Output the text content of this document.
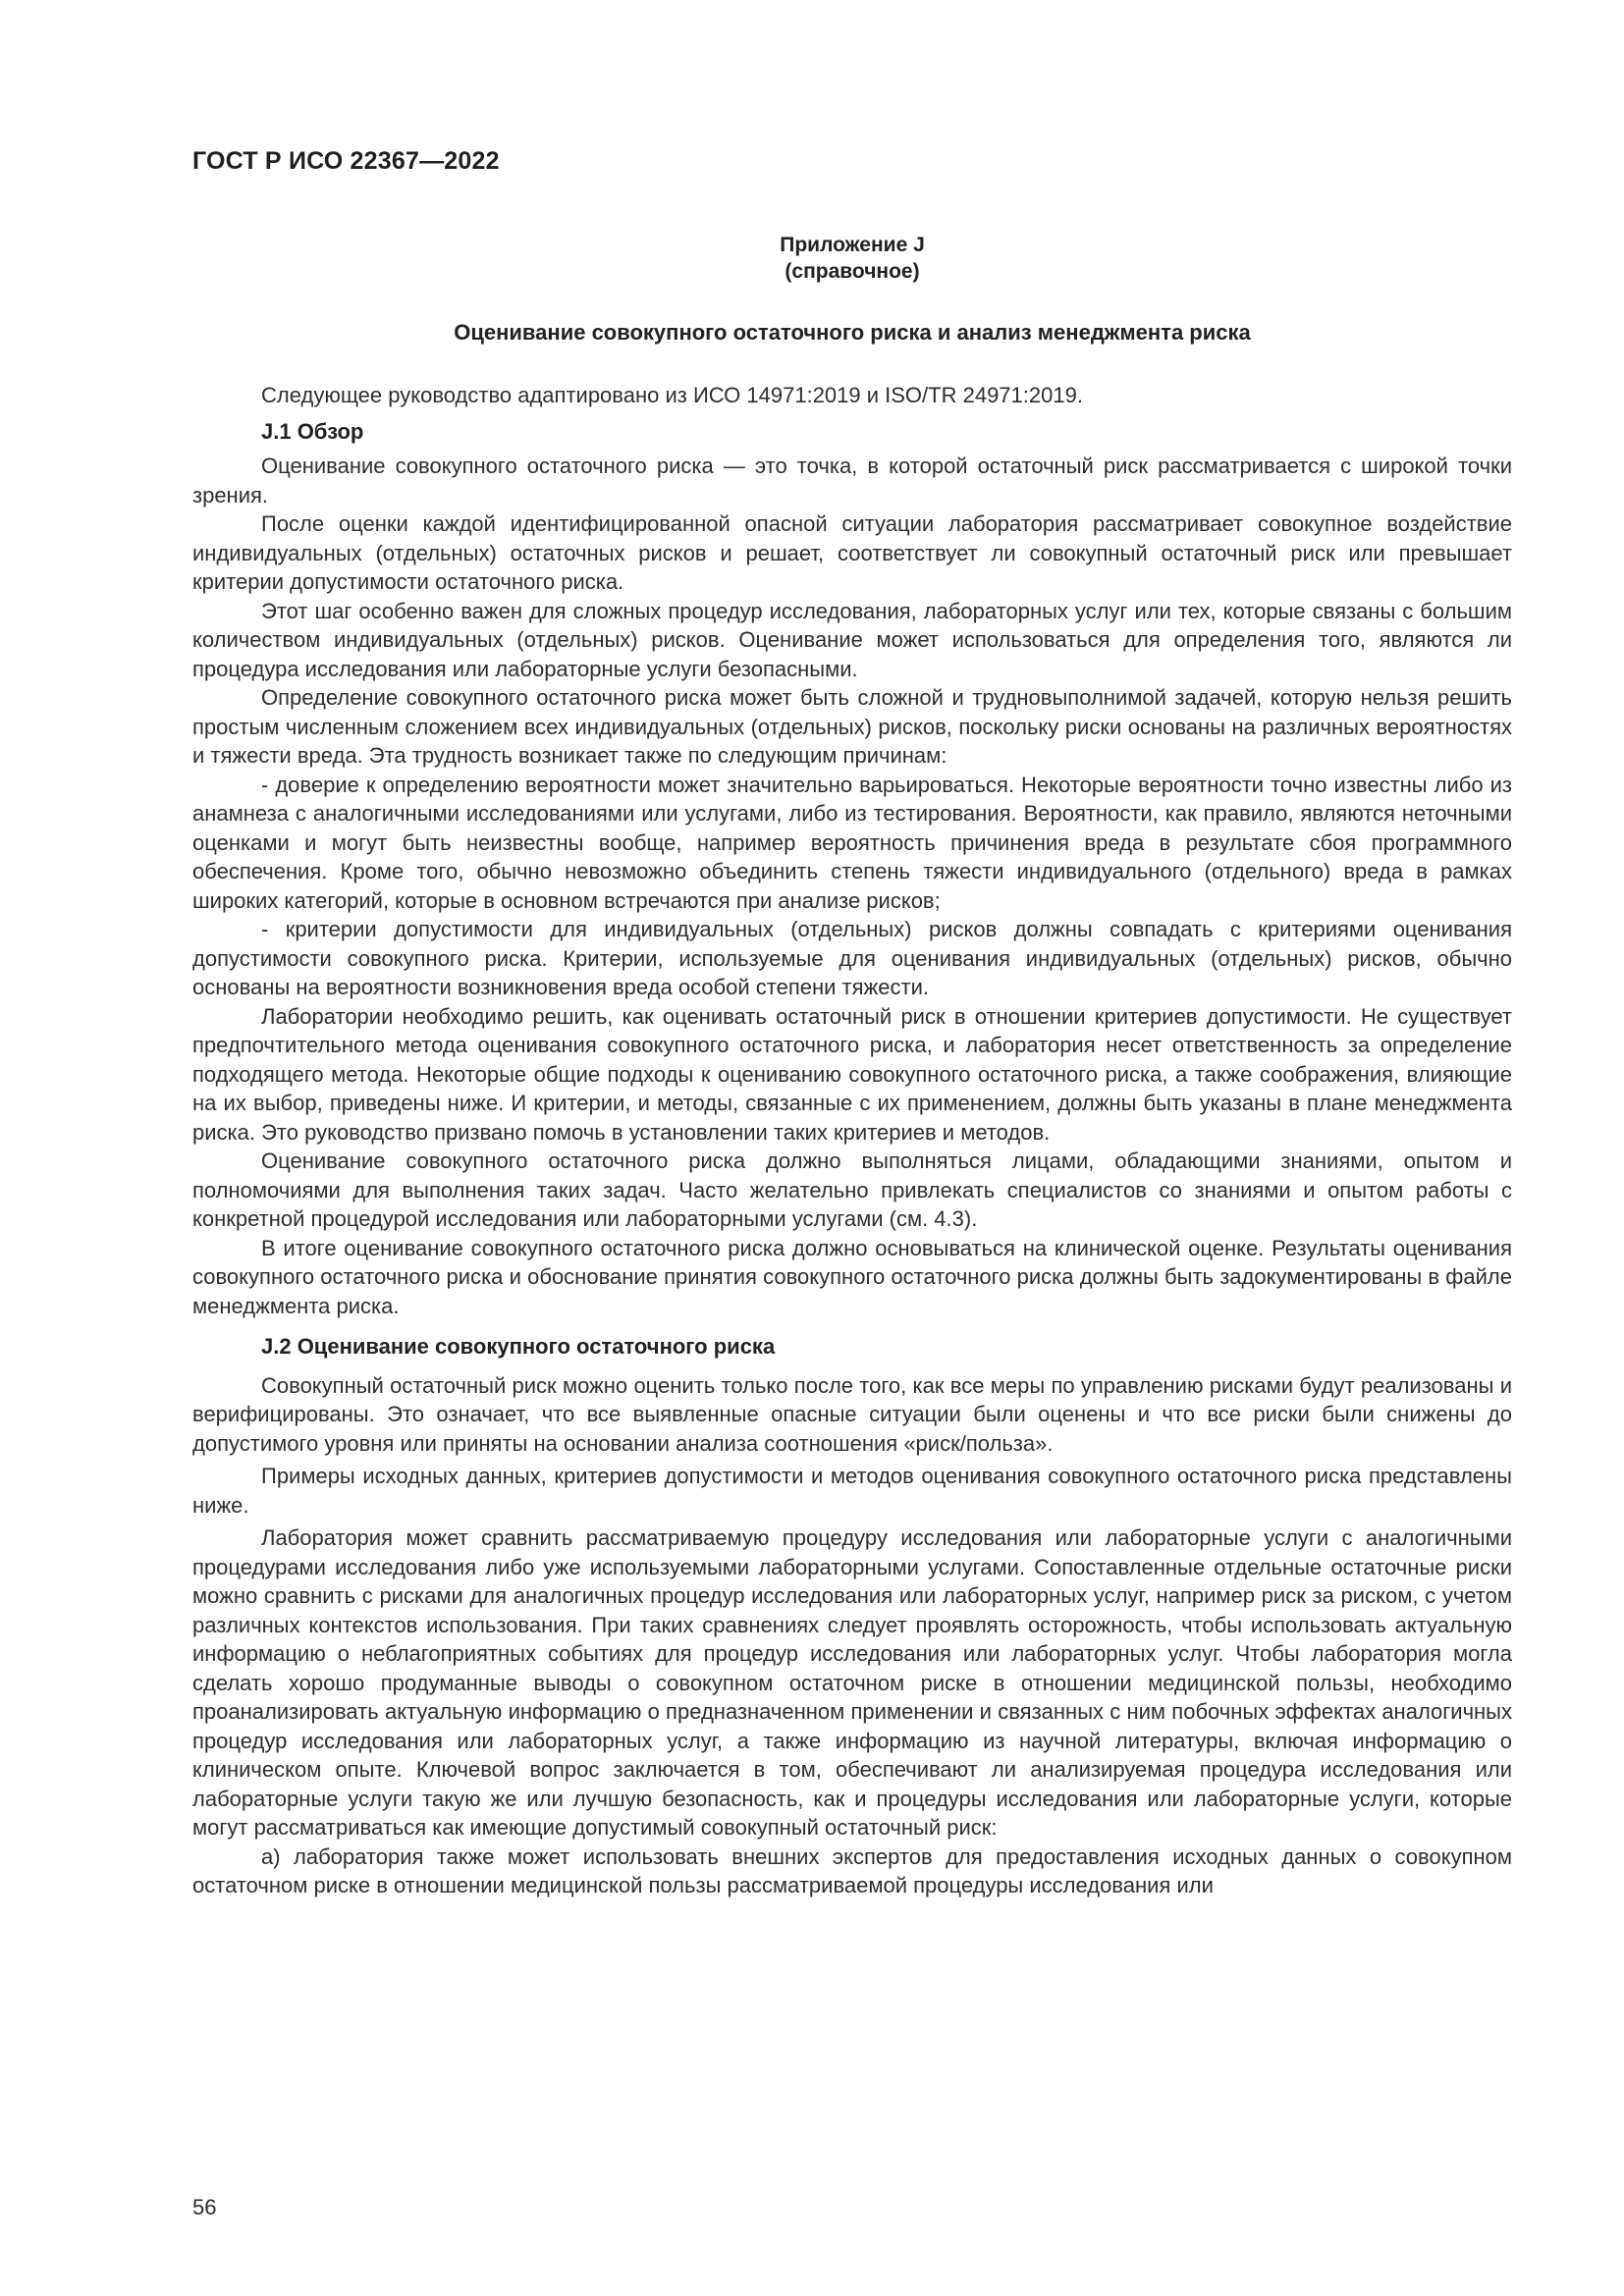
ГОСТ Р ИСО 22367—2022
Приложение J
(справочное)
Оценивание совокупного остаточного риска и анализ менеджмента риска

Следующее руководство адаптировано из ИСО 14971:2019 и ISO/TR 24971:2019.

J.1 Обзор

Оценивание совокупного остаточного риска — это точка, в которой остаточный риск рассматривается с широкой точки зрения.

После оценки каждой идентифицированной опасной ситуации лаборатория рассматривает совокупное воздействие индивидуальных (отдельных) остаточных рисков и решает, соответствует ли совокупный остаточный риск или превышает критерии допустимости остаточного риска.

Этот шаг особенно важен для сложных процедур исследования, лабораторных услуг или тех, которые связаны с большим количеством индивидуальных (отдельных) рисков. Оценивание может использоваться для определения того, являются ли процедура исследования или лабораторные услуги безопасными.

Определение совокупного остаточного риска может быть сложной и трудновыполнимой задачей, которую нельзя решить простым численным сложением всех индивидуальных (отдельных) рисков, поскольку риски основаны на различных вероятностях и тяжести вреда. Эта трудность возникает также по следующим причинам:

- доверие к определению вероятности может значительно варьироваться. Некоторые вероятности точно известны либо из анамнеза с аналогичными исследованиями или услугами, либо из тестирования. Вероятности, как правило, являются неточными оценками и могут быть неизвестны вообще, например вероятность причинения вреда в результате сбоя программного обеспечения. Кроме того, обычно невозможно объединить степень тяжести индивидуального (отдельного) вреда в рамках широких категорий, которые в основном встречаются при анализе рисков;

- критерии допустимости для индивидуальных (отдельных) рисков должны совпадать с критериями оценивания допустимости совокупного риска. Критерии, используемые для оценивания индивидуальных (отдельных) рисков, обычно основаны на вероятности возникновения вреда особой степени тяжести.

Лаборатории необходимо решить, как оценивать остаточный риск в отношении критериев допустимости. Не существует предпочтительного метода оценивания совокупного остаточного риска, и лаборатория несет ответственность за определение подходящего метода. Некоторые общие подходы к оцениванию совокупного остаточного риска, а также соображения, влияющие на их выбор, приведены ниже. И критерии, и методы, связанные с их применением, должны быть указаны в плане менеджмента риска. Это руководство призвано помочь в установлении таких критериев и методов.

Оценивание совокупного остаточного риска должно выполняться лицами, обладающими знаниями, опытом и полномочиями для выполнения таких задач. Часто желательно привлекать специалистов со знаниями и опытом работы с конкретной процедурой исследования или лабораторными услугами (см. 4.3).

В итоге оценивание совокупного остаточного риска должно основываться на клинической оценке. Результаты оценивания совокупного остаточного риска и обоснование принятия совокупного остаточного риска должны быть задокументированы в файле менеджмента риска.

J.2 Оценивание совокупного остаточного риска

Совокупный остаточный риск можно оценить только после того, как все меры по управлению рисками будут реализованы и верифицированы. Это означает, что все выявленные опасные ситуации были оценены и что все риски были снижены до допустимого уровня или приняты на основании анализа соотношения «риск/польза».

Примеры исходных данных, критериев допустимости и методов оценивания совокупного остаточного риска представлены ниже.

Лаборатория может сравнить рассматриваемую процедуру исследования или лабораторные услуги с аналогичными процедурами исследования либо уже используемыми лабораторными услугами. Сопоставленные отдельные остаточные риски можно сравнить с рисками для аналогичных процедур исследования или лабораторных услуг, например риск за риском, с учетом различных контекстов использования. При таких сравнениях следует проявлять осторожность, чтобы использовать актуальную информацию о неблагоприятных событиях для процедур исследования или лабораторных услуг. Чтобы лаборатория могла сделать хорошо продуманные выводы о совокупном остаточном риске в отношении медицинской пользы, необходимо проанализировать актуальную информацию о предназначенном применении и связанных с ним побочных эффектах аналогичных процедур исследования или лабораторных услуг, а также информацию из научной литературы, включая информацию о клиническом опыте. Ключевой вопрос заключается в том, обеспечивают ли анализируемая процедура исследования или лабораторные услуги такую же или лучшую безопасность, как и процедуры исследования или лабораторные услуги, которые могут рассматриваться как имеющие допустимый совокупный остаточный риск:

а) лаборатория также может использовать внешних экспертов для предоставления исходных данных о совокупном остаточном риске в отношении медицинской пользы рассматриваемой процедуры исследования или

56
